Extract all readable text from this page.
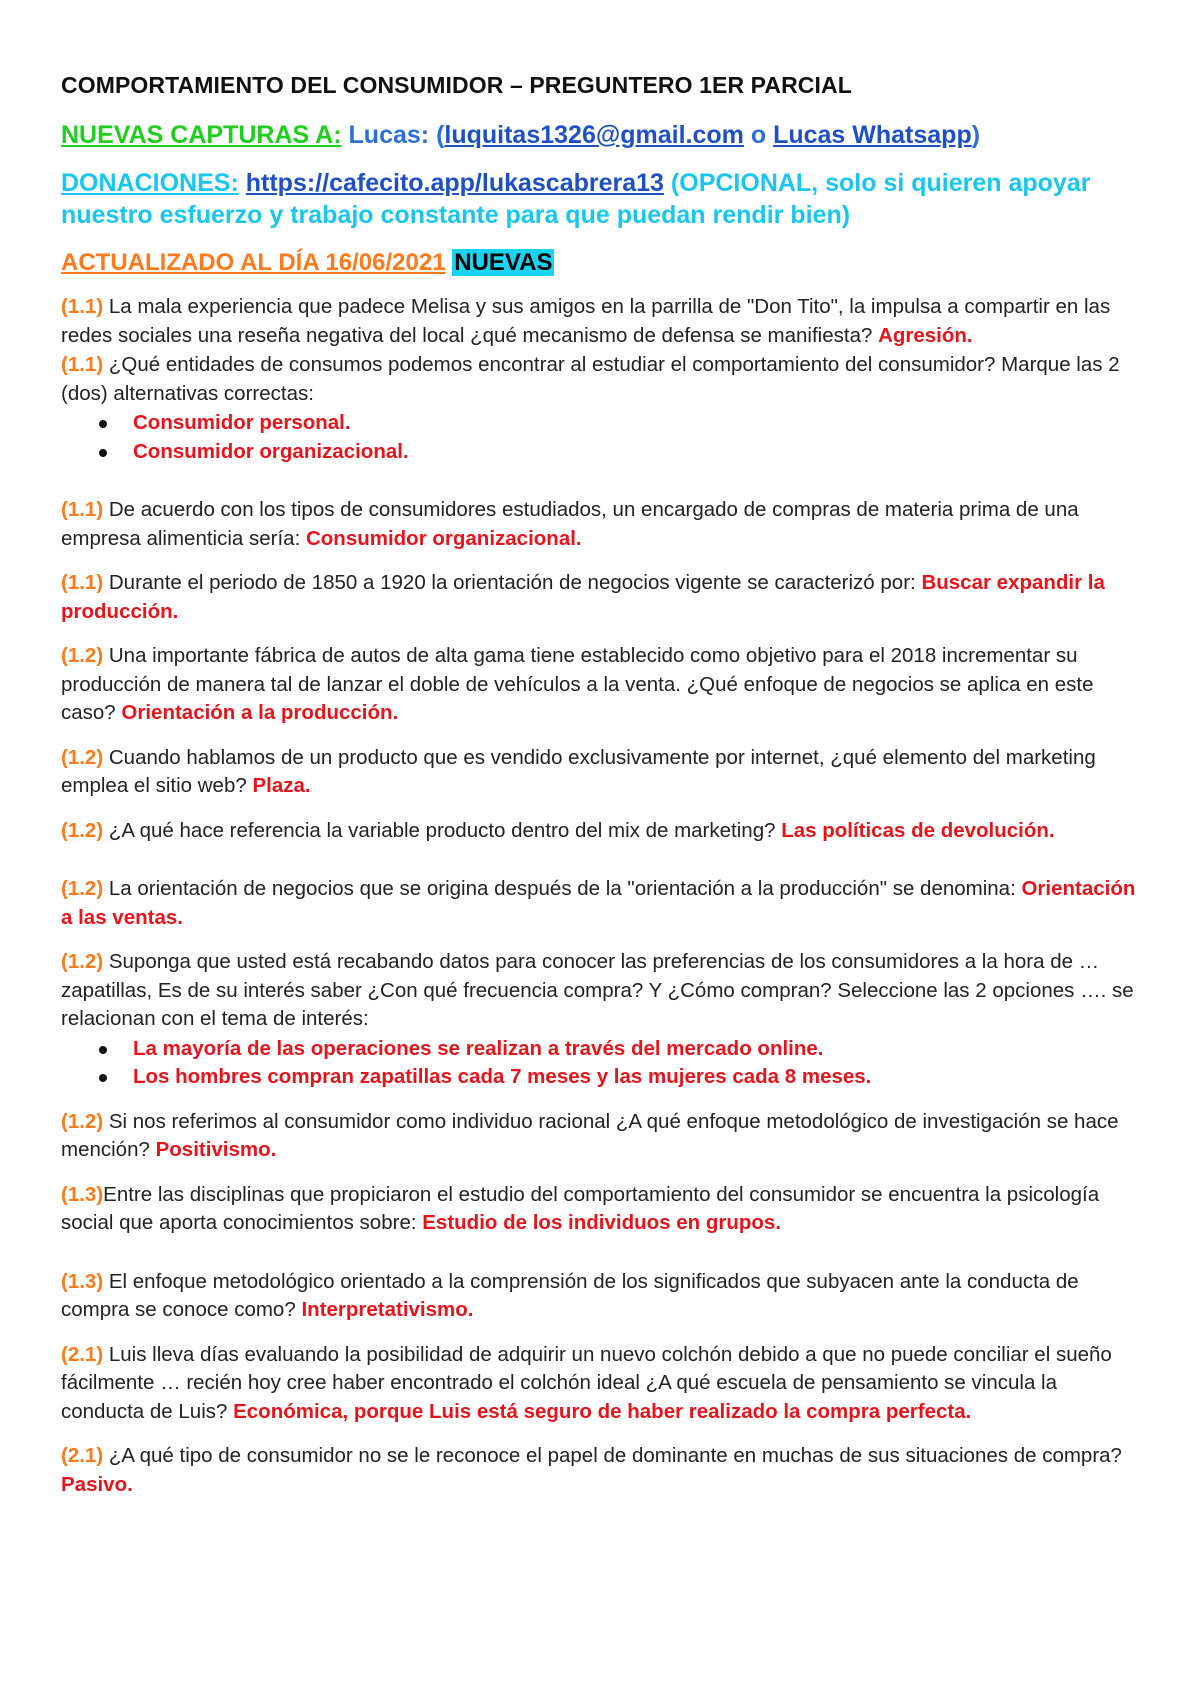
COMPORTAMIENTO DEL CONSUMIDOR – PREGUNTERO 1ER PARCIAL
NUEVAS CAPTURAS A: Lucas: (luquitas1326@gmail.com o Lucas Whatsapp)
DONACIONES: https://cafecito.app/lukascabrera13 (OPCIONAL, solo si quieren apoyar nuestro esfuerzo y trabajo constante para que puedan rendir bien)
ACTUALIZADO AL DÍA 16/06/2021 NUEVAS
(1.1) La mala experiencia que padece Melisa y sus amigos en la parrilla de "Don Tito", la impulsa a compartir en las redes sociales una reseña negativa del local ¿qué mecanismo de defensa se manifiesta? Agresión.
(1.1) ¿Qué entidades de consumos podemos encontrar al estudiar el comportamiento del consumidor? Marque las 2 (dos) alternativas correctas:
Consumidor personal.
Consumidor organizacional.
(1.1) De acuerdo con los tipos de consumidores estudiados, un encargado de compras de materia prima de una empresa alimenticia sería: Consumidor organizacional.
(1.1) Durante el periodo de 1850 a 1920 la orientación de negocios vigente se caracterizó por: Buscar expandir la producción.
(1.2) Una importante fábrica de autos de alta gama tiene establecido como objetivo para el 2018 incrementar su producción de manera tal de lanzar el doble de vehículos a la venta. ¿Qué enfoque de negocios se aplica en este caso? Orientación a la producción.
(1.2) Cuando hablamos de un producto que es vendido exclusivamente por internet, ¿qué elemento del marketing emplea el sitio web? Plaza.
(1.2) ¿A qué hace referencia la variable producto dentro del mix de marketing? Las políticas de devolución.
(1.2) La orientación de negocios que se origina después de la "orientación a la producción" se denomina: Orientación a las ventas.
(1.2) Suponga que usted está recabando datos para conocer las preferencias de los consumidores a la hora de … zapatillas, Es de su interés saber ¿Con qué frecuencia compra? Y ¿Cómo compran? Seleccione las 2 opciones …. se relacionan con el tema de interés:
La mayoría de las operaciones se realizan a través del mercado online.
Los hombres compran zapatillas cada 7 meses y las mujeres cada 8 meses.
(1.2) Si nos referimos al consumidor como individuo racional ¿A qué enfoque metodológico de investigación se hace mención? Positivismo.
(1.3)Entre las disciplinas que propiciaron el estudio del comportamiento del consumidor se encuentra la psicología social que aporta conocimientos sobre: Estudio de los individuos en grupos.
(1.3) El enfoque metodológico orientado a la comprensión de los significados que subyacen ante la conducta de compra se conoce como? Interpretativismo.
(2.1) Luis lleva días evaluando la posibilidad de adquirir un nuevo colchón debido a que no puede conciliar el sueño fácilmente … recién hoy cree haber encontrado el colchón ideal ¿A qué escuela de pensamiento se vincula la conducta de Luis? Económica, porque Luis está seguro de haber realizado la compra perfecta.
(2.1) ¿A qué tipo de consumidor no se le reconoce el papel de dominante en muchas de sus situaciones de compra? Pasivo.
